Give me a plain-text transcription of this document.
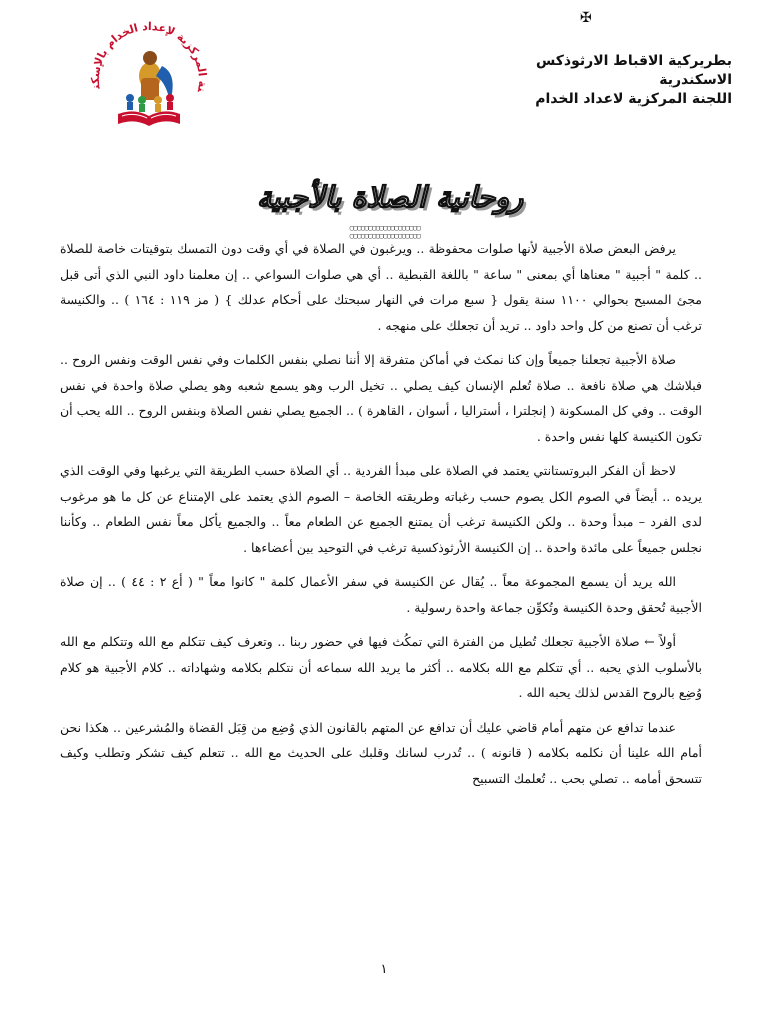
✠
نة المركزية لإعداد الخدام بالإسكندرية
بطريركية الاقباط الارثوذكس
الاسكندرية
اللجنة المركزية لاعداد الخدام
روحانية الصلاة بالأجبية
▢▢▢▢▢▢▢▢▢▢▢▢▢▢▢▢▢▢▢
▢▢▢▢▢▢▢▢▢▢▢▢▢▢▢▢▢▢▢

يرفض البعض صلاة الأجبية لأنها صلوات محفوظة .. ويرغبون في الصلاة في أي وقت دون التمسك بتوقيتات خاصة للصلاة .. كلمة " أجبية " معناها أي بمعنى " ساعة " باللغة القبطية .. أي هي صلوات السواعي .. إن معلمنا داود النبي الذي أتى قبل مجئ المسيح بحوالي ١١٠٠ سنة يقول { سبع مرات في النهار سبحتك على أحكام عدلك } ( مز ١١٩ : ١٦٤ ) .. والكنيسة ترغب أن تصنع من كل واحد داود .. تريد أن تجعلك على منهجه .

صلاة الأجبية تجعلنا جميعاً وإن كنا نمكث في أماكن متفرقة إلا أننا نصلي بنفس الكلمات وفي نفس الوقت ونفس الروح .. فبلاشك هي صلاة نافعة .. صلاة تُعلم الإنسان كيف يصلي .. تخيل الرب وهو يسمع شعبه وهو يصلي صلاة واحدة في نفس الوقت .. وفي كل المسكونة ( إنجلترا ، أستراليا ، أسوان ، القاهرة ) .. الجميع يصلي نفس الصلاة وبنفس الروح .. الله يحب أن تكون الكنيسة كلها نفس واحدة .

لاحظ أن الفكر البروتستانتي يعتمد في الصلاة على مبدأ الفردية .. أي الصلاة حسب الطريقة التي يرغبها وفي الوقت الذي يريده .. أيضاً في الصوم الكل يصوم حسب رغباته وطريقته الخاصة – الصوم الذي يعتمد على الإمتناع عن كل ما هو مرغوب لدى الفرد – مبدأ وحدة .. ولكن الكنيسة ترغب أن يمتنع الجميع عن الطعام معاً .. والجميع يأكل معاً نفس الطعام .. وكأننا نجلس جميعاً على مائدة واحدة .. إن الكنيسة الأرثوذكسية ترغب في التوحيد بين أعضاءها .

الله يريد أن يسمع المجموعة معاً .. يُقال عن الكنيسة في سفر الأعمال كلمة " كانوا معاً " ( أع ٢ : ٤٤ ) .. إن صلاة الأجبية تُحقق وحدة الكنيسة وتُكوِّن جماعة واحدة رسولية .

أولاً ← صلاة الأجبية تجعلك تُطيل من الفترة التي تمكُث فيها في حضور ربنا .. وتعرف كيف تتكلم مع الله وتتكلم مع الله بالأسلوب الذي يحبه .. أي تتكلم مع الله بكلامه .. أكثر ما يريد الله سماعه أن نتكلم بكلامه وشهاداته .. كلام الأجبية هو كلام وُضِع بالروح القدس لذلك يحبه الله .

عندما تدافع عن متهم أمام قاضي عليك أن تدافع عن المتهم بالقانون الذي وُضِع من قِبَل القضاة والمُشرعين .. هكذا نحن أمام الله علينا أن نكلمه بكلامه ( قانونه ) .. تُدرب لسانك وقلبك على الحديث مع الله .. تتعلم كيف تشكر وتطلب وكيف تتسحق أمامه .. تصلي بحب .. تُعلمك التسبيح

١
